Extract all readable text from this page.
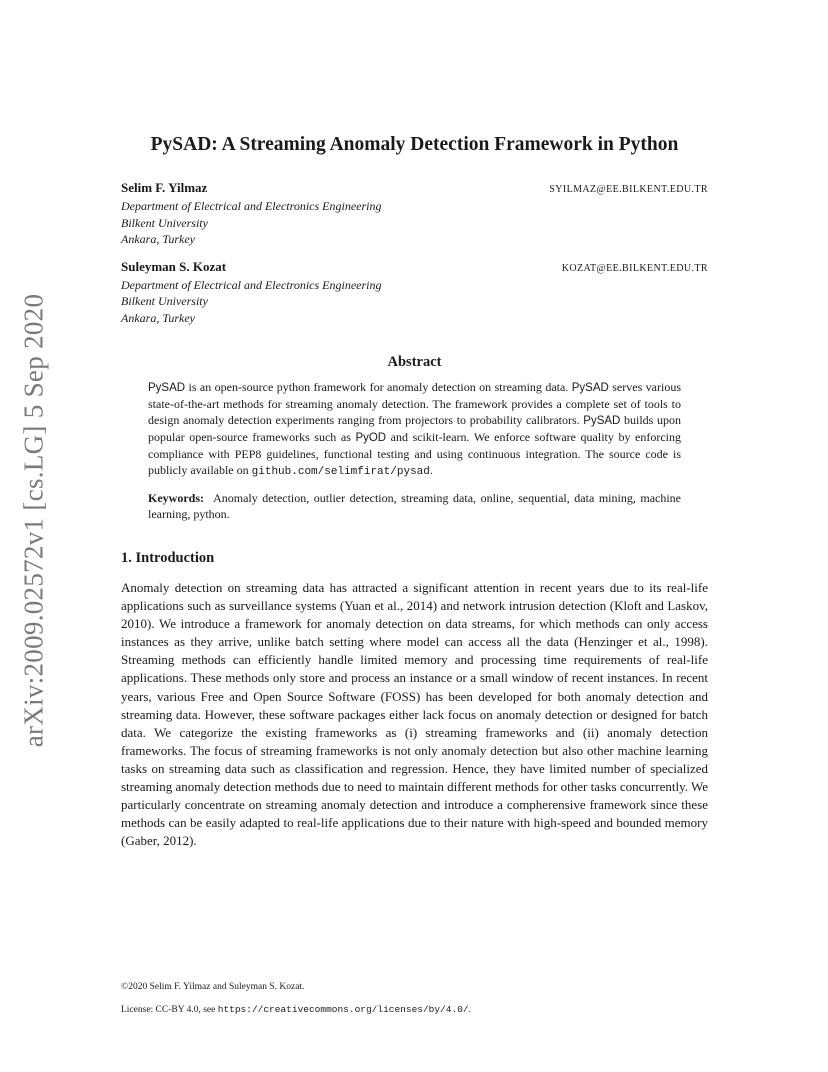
arXiv:2009.02572v1 [cs.LG] 5 Sep 2020
PySAD: A Streaming Anomaly Detection Framework in Python
Selim F. Yilmaz	SYILMAZ@EE.BILKENT.EDU.TR
Department of Electrical and Electronics Engineering
Bilkent University
Ankara, Turkey
Suleyman S. Kozat	KOZAT@EE.BILKENT.EDU.TR
Department of Electrical and Electronics Engineering
Bilkent University
Ankara, Turkey
Abstract
PySAD is an open-source python framework for anomaly detection on streaming data. PySAD serves various state-of-the-art methods for streaming anomaly detection. The framework provides a complete set of tools to design anomaly detection experiments ranging from projectors to probability calibrators. PySAD builds upon popular open-source frameworks such as PyOD and scikit-learn. We enforce software quality by enforcing compliance with PEP8 guidelines, functional testing and using continuous integration. The source code is publicly available on github.com/selimfirat/pysad.
Keywords: Anomaly detection, outlier detection, streaming data, online, sequential, data mining, machine learning, python.
1. Introduction

Anomaly detection on streaming data has attracted a significant attention in recent years due to its real-life applications such as surveillance systems (Yuan et al., 2014) and network intrusion detection (Kloft and Laskov, 2010). We introduce a framework for anomaly detection on data streams, for which methods can only access instances as they arrive, unlike batch setting where model can access all the data (Henzinger et al., 1998). Streaming methods can efficiently handle limited memory and processing time requirements of real-life applications. These methods only store and process an instance or a small window of recent instances. In recent years, various Free and Open Source Software (FOSS) has been developed for both anomaly detection and streaming data. However, these software packages either lack focus on anomaly detection or designed for batch data. We categorize the existing frameworks as (i) streaming frameworks and (ii) anomaly detection frameworks. The focus of streaming frameworks is not only anomaly detection but also other machine learning tasks on streaming data such as classification and regression. Hence, they have limited number of specialized streaming anomaly detection methods due to need to maintain different methods for other tasks concurrently. We particularly concentrate on streaming anomaly detection and introduce a compherensive framework since these methods can be easily adapted to real-life applications due to their nature with high-speed and bounded memory (Gaber, 2012).

©2020 Selim F. Yilmaz and Suleyman S. Kozat.
License: CC-BY 4.0, see https://creativecommons.org/licenses/by/4.0/.
